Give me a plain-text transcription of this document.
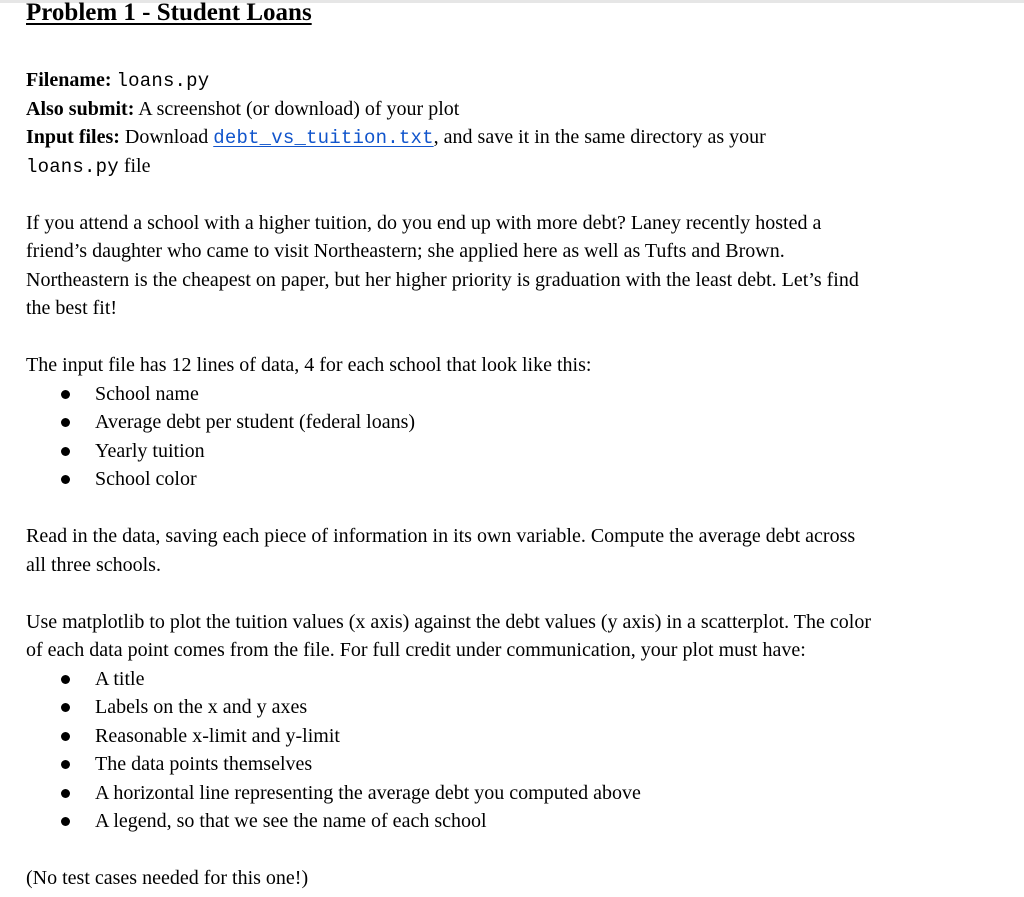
Problem 1 - Student Loans
Filename: loans.py
Also submit: A screenshot (or download) of your plot
Input files: Download debt_vs_tuition.txt, and save it in the same directory as your
loans.py file
If you attend a school with a higher tuition, do you end up with more debt? Laney recently hosted a
friend’s daughter who came to visit Northeastern; she applied here as well as Tufts and Brown.
Northeastern is the cheapest on paper, but her higher priority is graduation with the least debt. Let’s find
the best fit!
The input file has 12 lines of data, 4 for each school that look like this:
School name
Average debt per student (federal loans)
Yearly tuition
School color
Read in the data, saving each piece of information in its own variable. Compute the average debt across
all three schools.
Use matplotlib to plot the tuition values (x axis) against the debt values (y axis) in a scatterplot. The color
of each data point comes from the file. For full credit under communication, your plot must have:
A title
Labels on the x and y axes
Reasonable x-limit and y-limit
The data points themselves
A horizontal line representing the average debt you computed above
A legend, so that we see the name of each school
(No test cases needed for this one!)
